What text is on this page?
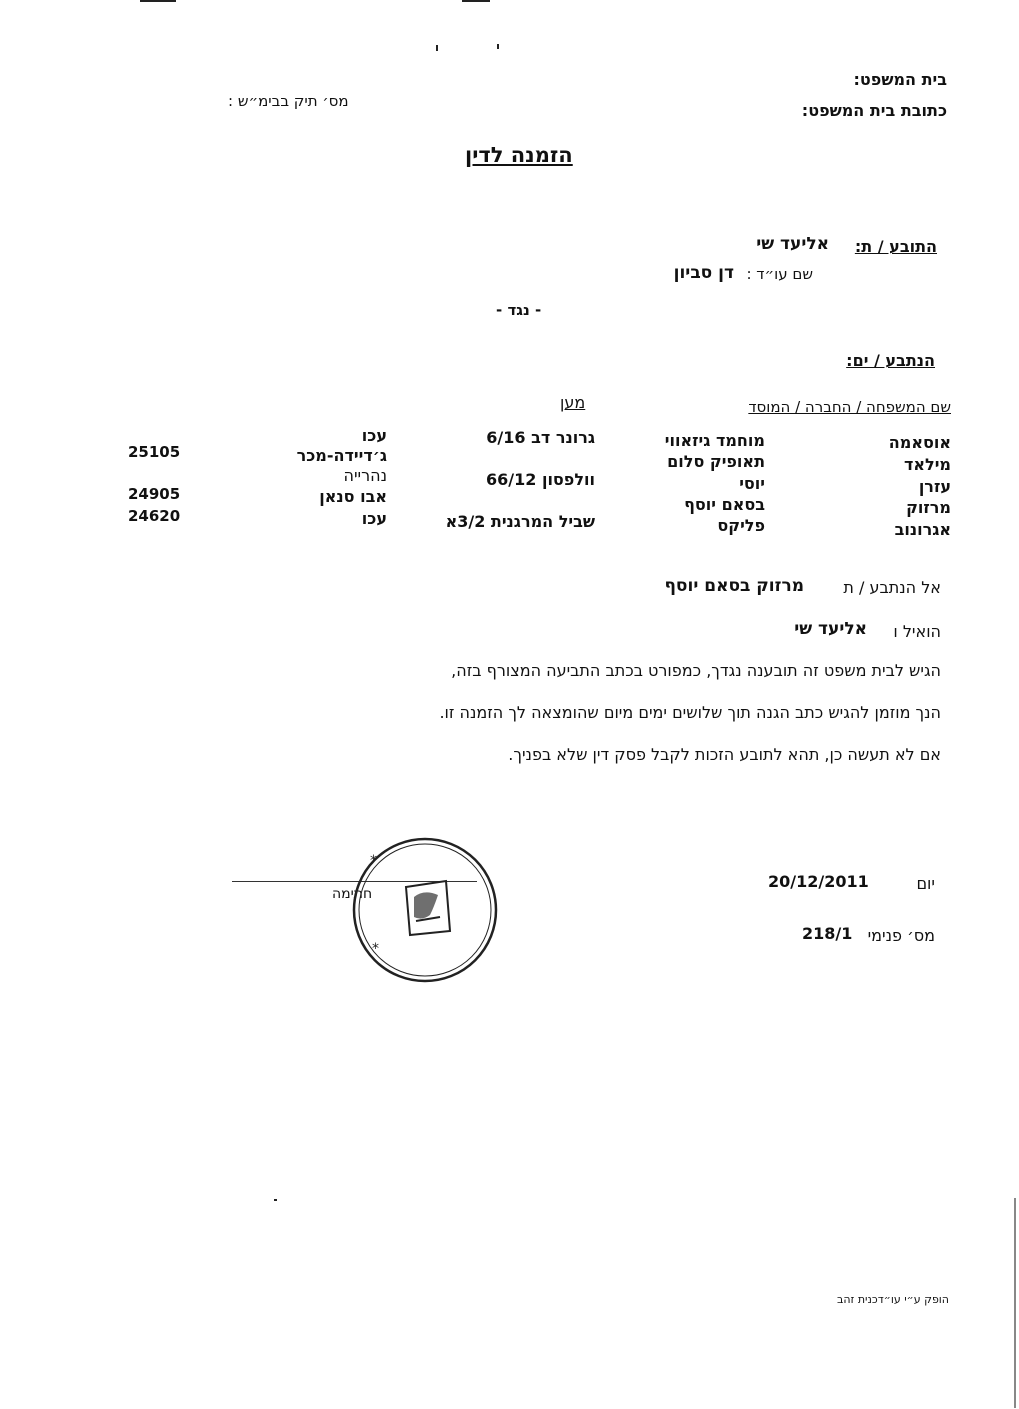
בית המשפט:
כתובת בית המשפט:
מס׳ תיק בבימ״ש :
הזמנה לדין
התובע / ת:
אליעד שי
שם עו״ד :
דן סביון
- נגד -
הנתבע / ים:
שם המשפחה / החברה / המוסד
מען
אוסאמה
מילאד
עזרן
מרזוק
אגרונוב
מוחמד גיזאווי
תאופיק סלום
יוסי
בסאם יוסף
פליקס
גרונר דב 6/16
וולפסון 66/12
שביל המרגנית 3/2א
עכו
ג׳דיידה-מכר
נהרייה
אבו סנאן
עכו
25105
24905
24620
אל הנתבע / ת
מרזוק בסאם יוסף
הואיל ו
אליעד שי
הגיש לבית משפט זה תובענה נגדך, כמפורט בכתב התביעה המצורף בזה,
הנך מוזמן להגיש כתב הגנה תוך שלושים ימים מיום שהומצאה לך הזמנה זו.
אם לא תעשה כן, תהא לתובע הזכות לקבל פסק דין שלא בפניך.
יום
20/12/2011
מס׳ פנימי
218/1
חתימה
*
*
הופק ע״י עו״דכנית זהב
